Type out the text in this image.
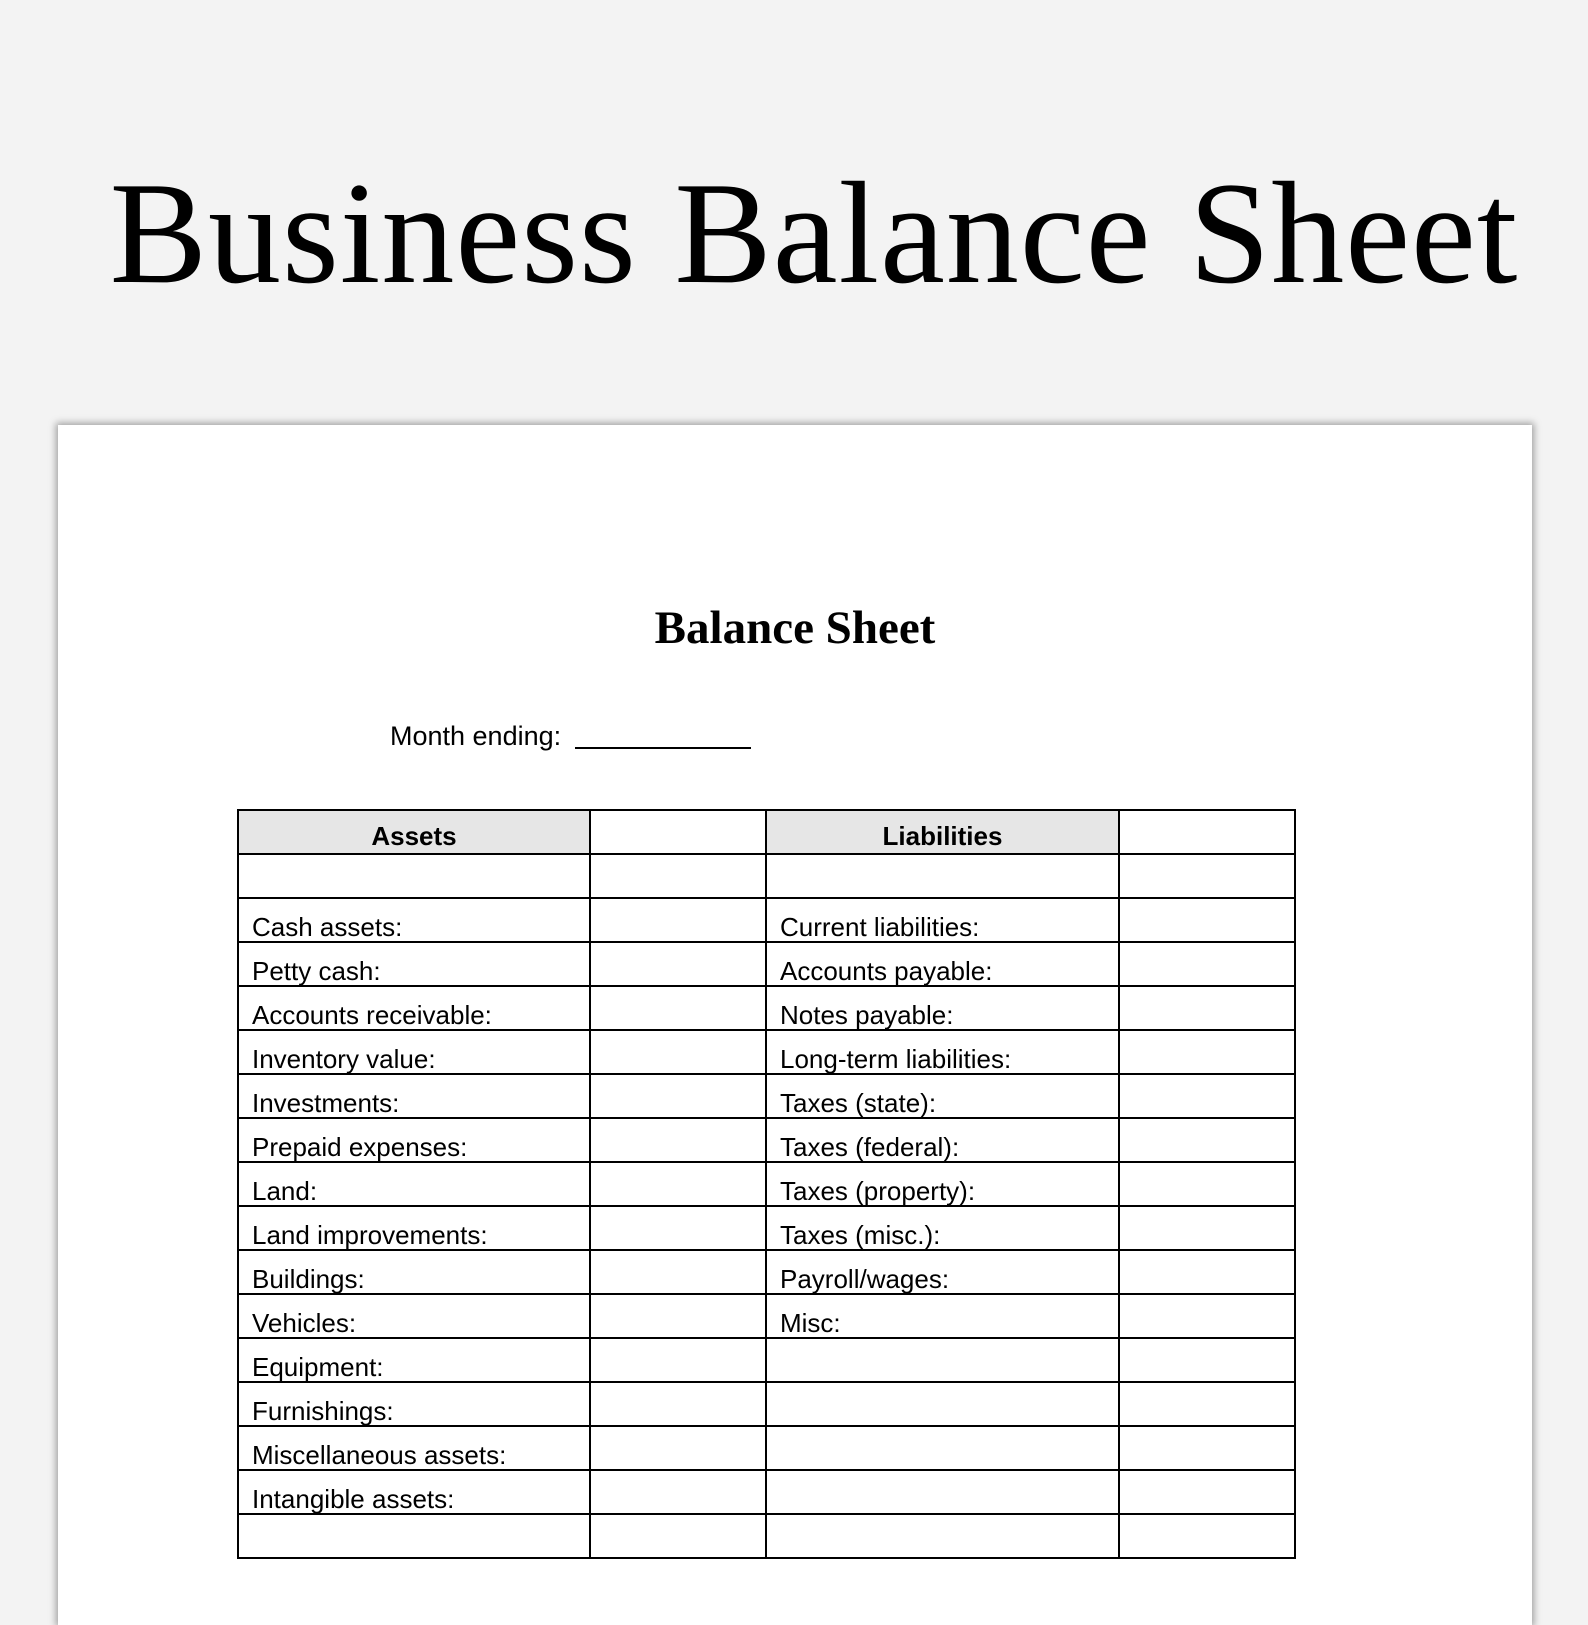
Business Balance Sheet
Balance Sheet
Month ending:
Assets		Liabilities	

Cash assets:		Current liabilities:	
Petty cash:		Accounts payable:	
Accounts receivable:		Notes payable:	
Inventory value:		Long-term liabilities:	
Investments:		Taxes (state):	
Prepaid expenses:		Taxes (federal):	
Land:		Taxes (property):	
Land improvements:		Taxes (misc.):	
Buildings:		Payroll/wages:	
Vehicles:		Misc:	
Equipment:			
Furnishings:			
Miscellaneous assets:			
Intangible assets:			
